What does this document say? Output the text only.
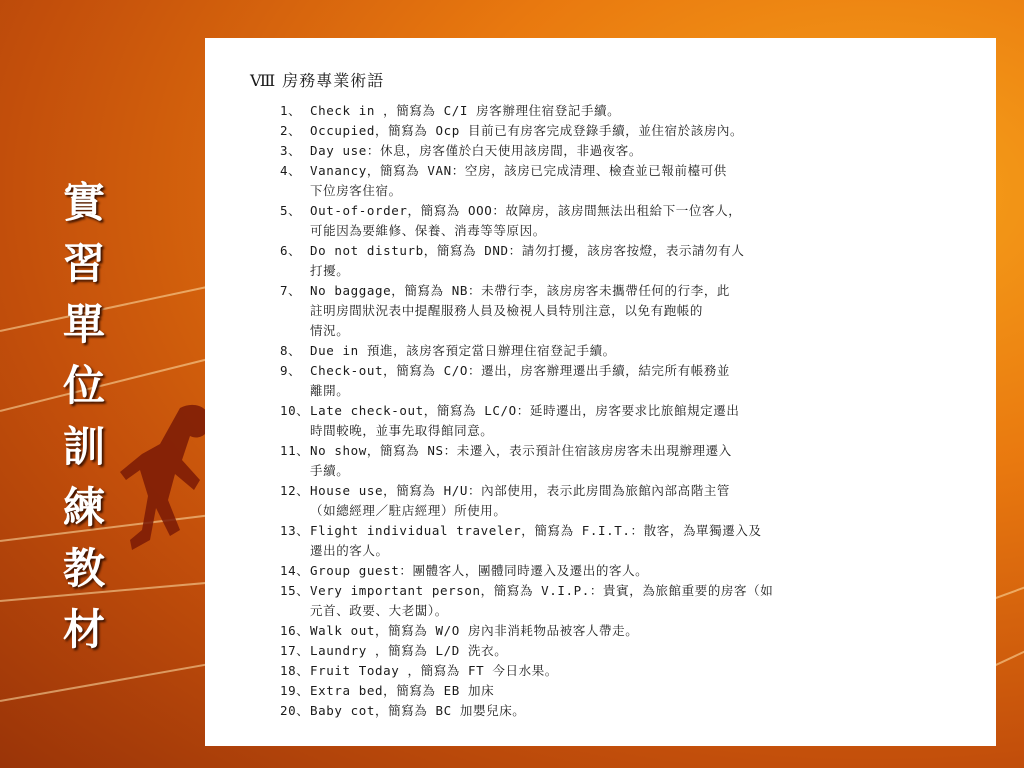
實
習
單
位
訓
練
教
材
Ⅷ 房務專業術語
1、 Check in ，簡寫為 C/I 房客辦理住宿登記手續。
2、 Occupied，簡寫為 Ocp 目前已有房客完成登錄手續，並住宿於該房內。
3、 Day use：休息，房客僅於白天使用該房間，非過夜客。
4、 Vanancy，簡寫為 VAN：空房，該房已完成清理、檢查並已報前檯可供
下位房客住宿。
5、 Out-of-order，簡寫為 OOO：故障房，該房間無法出租給下一位客人，
可能因為要維修、保養、消毒等等原因。
6、 Do not disturb，簡寫為 DND：請勿打擾，該房客按燈，表示請勿有人
打擾。
7、 No baggage，簡寫為 NB：未帶行李，該房房客未攜帶任何的行李，此
註明房間狀況表中提醒服務人員及檢視人員特別注意，以免有跑帳的
情況。
8、 Due in 預進，該房客預定當日辦理住宿登記手續。
9、 Check-out，簡寫為 C/O：遷出，房客辦理遷出手續，結完所有帳務並
離開。
10、 Late check-out，簡寫為 LC/O：延時遷出，房客要求比旅館規定遷出
時間較晚，並事先取得館同意。
11、 No show，簡寫為 NS：未遷入，表示預計住宿該房房客未出現辦理遷入
手續。
12、 House use，簡寫為 H/U：內部使用，表示此房間為旅館內部高階主管
（如總經理／駐店經理）所使用。
13、 Flight individual traveler，簡寫為 F.I.T.：散客，為單獨遷入及
遷出的客人。
14、 Group guest：團體客人，團體同時遷入及遷出的客人。
15、 Very important person，簡寫為 V.I.P.：貴賓，為旅館重要的房客（如
元首、政要、大老闆）。
16、 Walk out，簡寫為 W/O 房內非消耗物品被客人帶走。
17、 Laundry ，簡寫為 L/D 洗衣。
18、 Fruit Today ，簡寫為 FT 今日水果。
19、 Extra bed，簡寫為 EB 加床
20、 Baby cot，簡寫為 BC 加嬰兒床。
